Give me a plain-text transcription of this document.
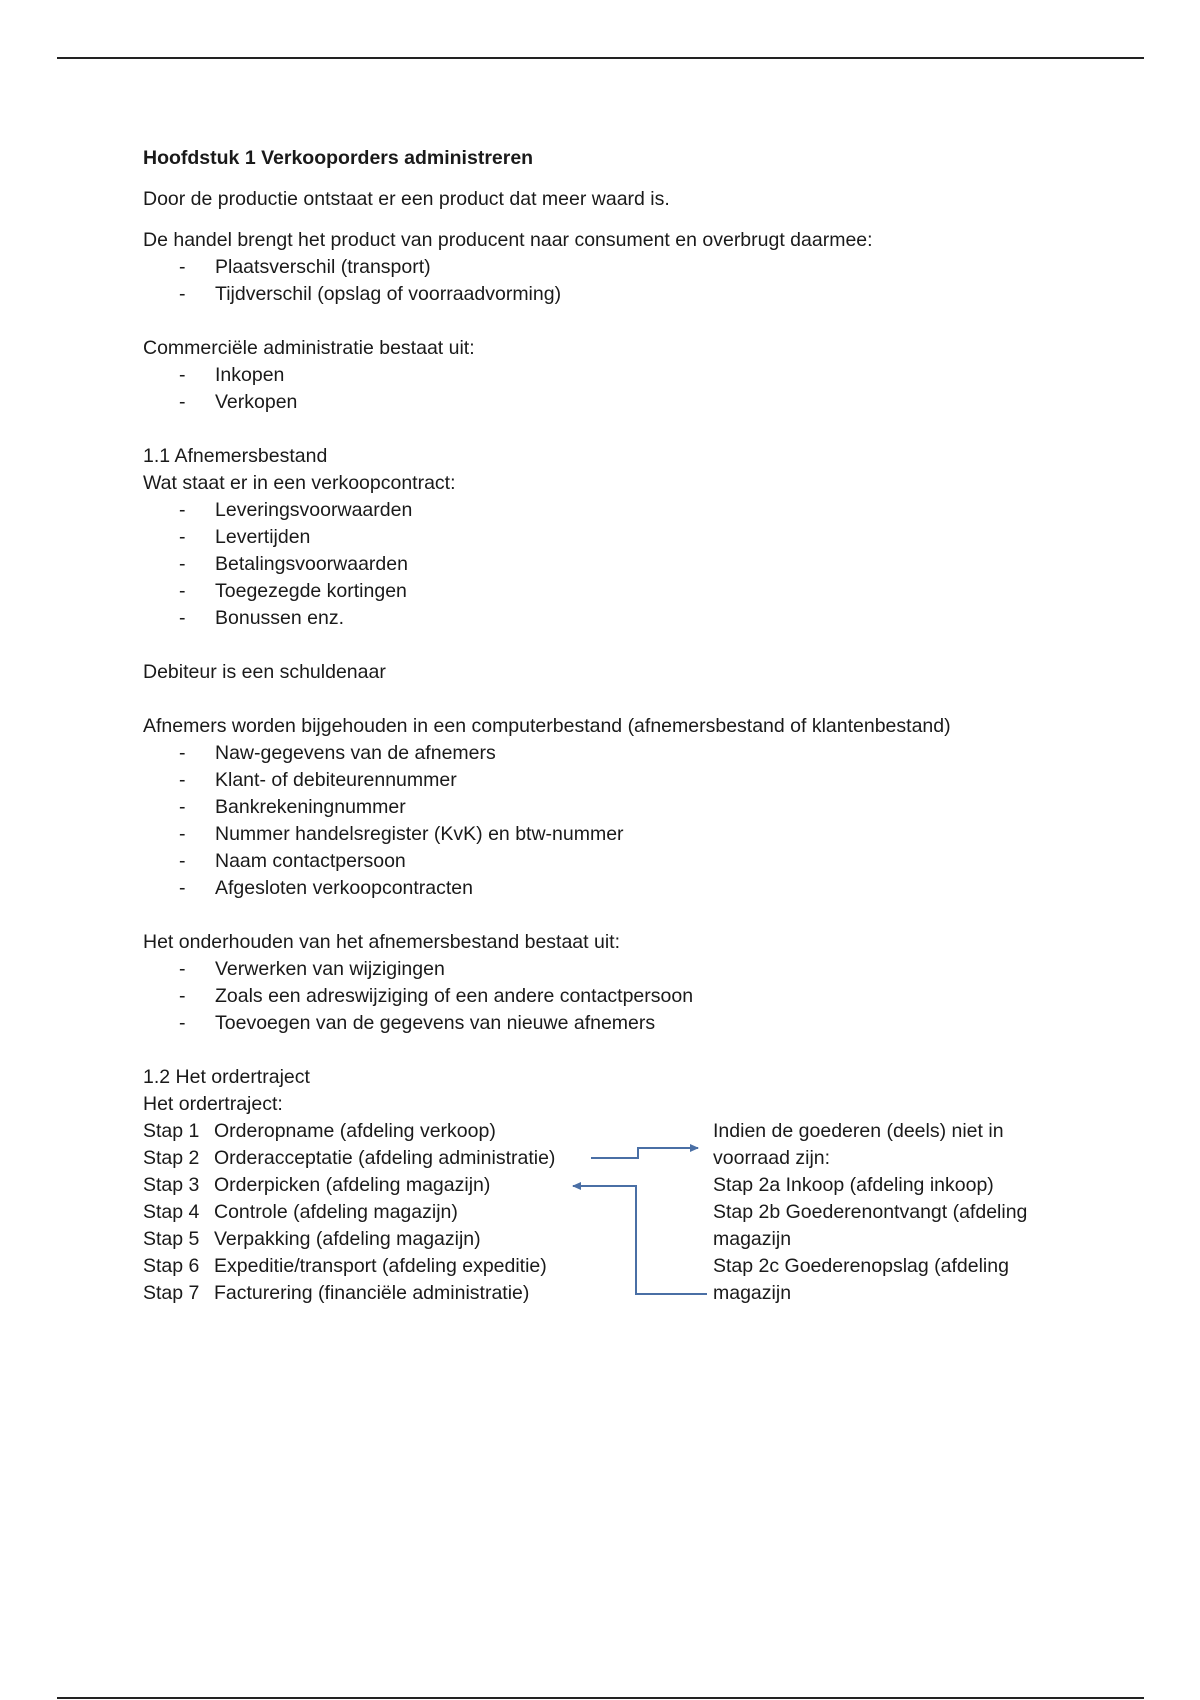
Hoofdstuk 1 Verkooporders administreren

Door de productie ontstaat er een product dat meer waard is.

De handel brengt het product van producent naar consument en overbrugt daarmee:

- Plaatsverschil (transport)
- Tijdverschil (opslag of voorraadvorming)

Commerciële administratie bestaat uit:

- Inkopen
- Verkopen

1.1 Afnemersbestand

Wat staat er in een verkoopcontract:

- Leveringsvoorwaarden
- Levertijden
- Betalingsvoorwaarden
- Toegezegde kortingen
- Bonussen enz.

Debiteur is een schuldenaar

Afnemers worden bijgehouden in een computerbestand (afnemersbestand of klantenbestand)

- Naw-gegevens van de afnemers
- Klant- of debiteurennummer
- Bankrekeningnummer
- Nummer handelsregister (KvK) en btw-nummer
- Naam contactpersoon
- Afgesloten verkoopcontracten

Het onderhouden van het afnemersbestand bestaat uit:

- Verwerken van wijzigingen
- Zoals een adreswijziging of een andere contactpersoon
- Toevoegen van de gegevens van nieuwe afnemers

1.2 Het ordertraject

Het ordertraject:

Stap 1 Orderopname (afdeling verkoop)
Stap 2 Orderacceptatie (afdeling administratie)
Stap 3 Orderpicken (afdeling magazijn)
Stap 4 Controle (afdeling magazijn)
Stap 5 Verpakking (afdeling magazijn)
Stap 6 Expeditie/transport (afdeling expeditie)
Stap 7 Facturering (financiële administratie)

Indien de goederen (deels) niet in voorraad zijn:

Stap 2a Inkoop (afdeling inkoop)

Stap 2b Goederenontvangt (afdeling magazijn

Stap 2c Goederenopslag (afdeling magazijn
